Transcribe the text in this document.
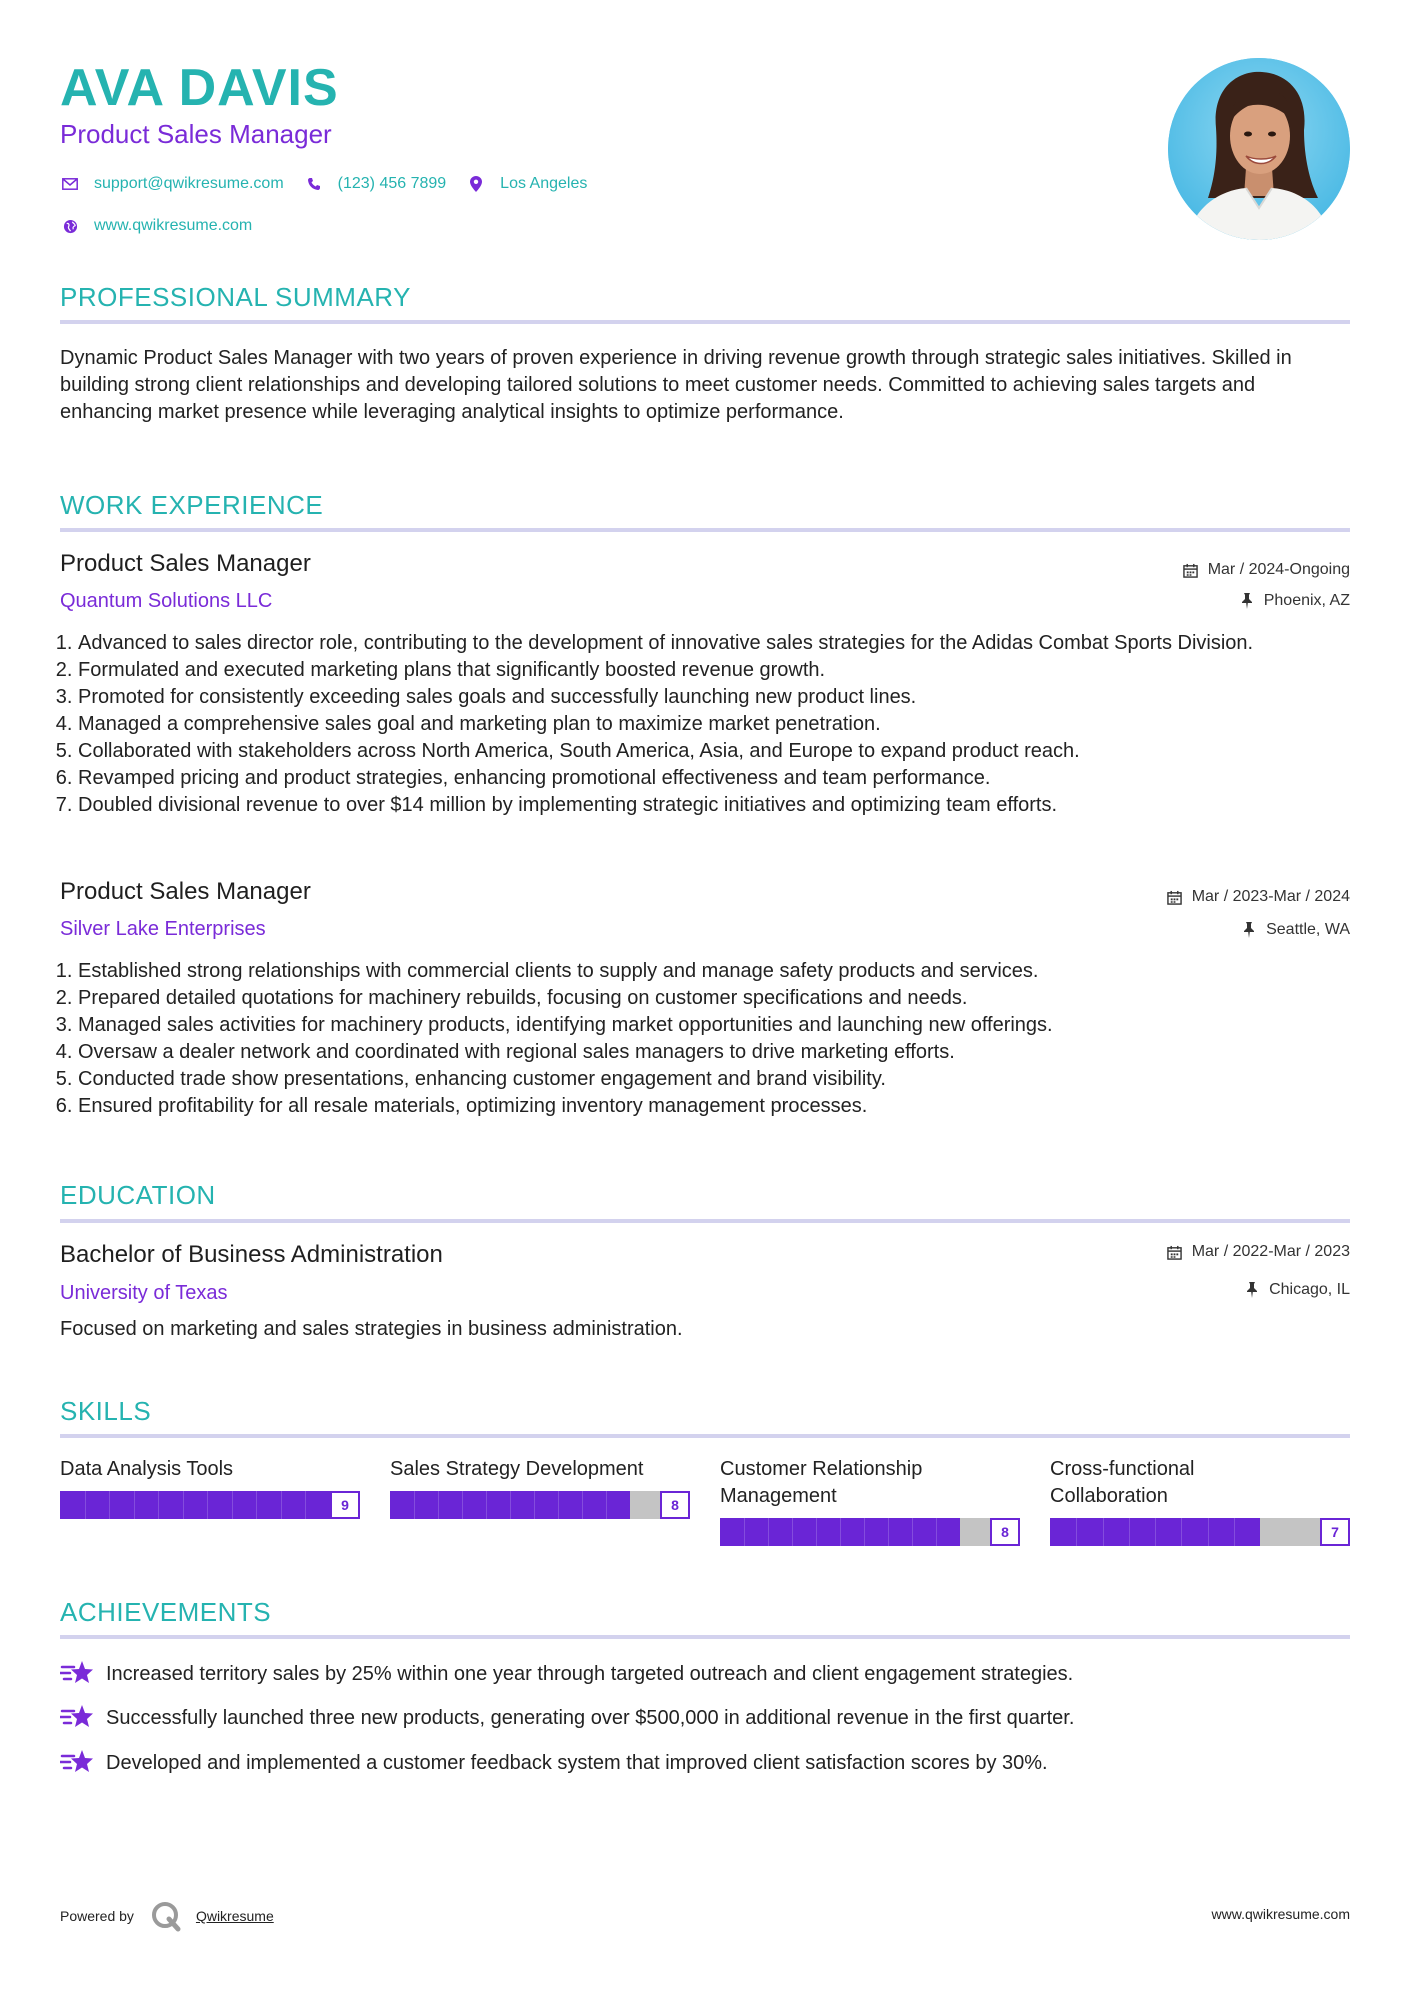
AVA DAVIS
Product Sales Manager
support@qwikresume.com	(123) 456 7899	Los Angeles
www.qwikresume.com
PROFESSIONAL SUMMARY
Dynamic Product Sales Manager with two years of proven experience in driving revenue growth through strategic sales initiatives. Skilled in building strong client relationships and developing tailored solutions to meet customer needs. Committed to achieving sales targets and enhancing market presence while leveraging analytical insights to optimize performance.
WORK EXPERIENCE
Product Sales Manager	Mar / 2024-Ongoing
Quantum Solutions LLC	Phoenix, AZ
1. Advanced to sales director role, contributing to the development of innovative sales strategies for the Adidas Combat Sports Division.
2. Formulated and executed marketing plans that significantly boosted revenue growth.
3. Promoted for consistently exceeding sales goals and successfully launching new product lines.
4. Managed a comprehensive sales goal and marketing plan to maximize market penetration.
5. Collaborated with stakeholders across North America, South America, Asia, and Europe to expand product reach.
6. Revamped pricing and product strategies, enhancing promotional effectiveness and team performance.
7. Doubled divisional revenue to over $14 million by implementing strategic initiatives and optimizing team efforts.
Product Sales Manager	Mar / 2023-Mar / 2024
Silver Lake Enterprises	Seattle, WA
1. Established strong relationships with commercial clients to supply and manage safety products and services.
2. Prepared detailed quotations for machinery rebuilds, focusing on customer specifications and needs.
3. Managed sales activities for machinery products, identifying market opportunities and launching new offerings.
4. Oversaw a dealer network and coordinated with regional sales managers to drive marketing efforts.
5. Conducted trade show presentations, enhancing customer engagement and brand visibility.
6. Ensured profitability for all resale materials, optimizing inventory management processes.
EDUCATION
Bachelor of Business Administration	Mar / 2022-Mar / 2023
University of Texas	Chicago, IL
Focused on marketing and sales strategies in business administration.
SKILLS
Data Analysis Tools
9
Sales Strategy Development
8
Customer Relationship Management
8
Cross-functional Collaboration
7
ACHIEVEMENTS
Increased territory sales by 25% within one year through targeted outreach and client engagement strategies.
Successfully launched three new products, generating over $500,000 in additional revenue in the first quarter.
Developed and implemented a customer feedback system that improved client satisfaction scores by 30%.
Powered by	Qwikresume	www.qwikresume.com
